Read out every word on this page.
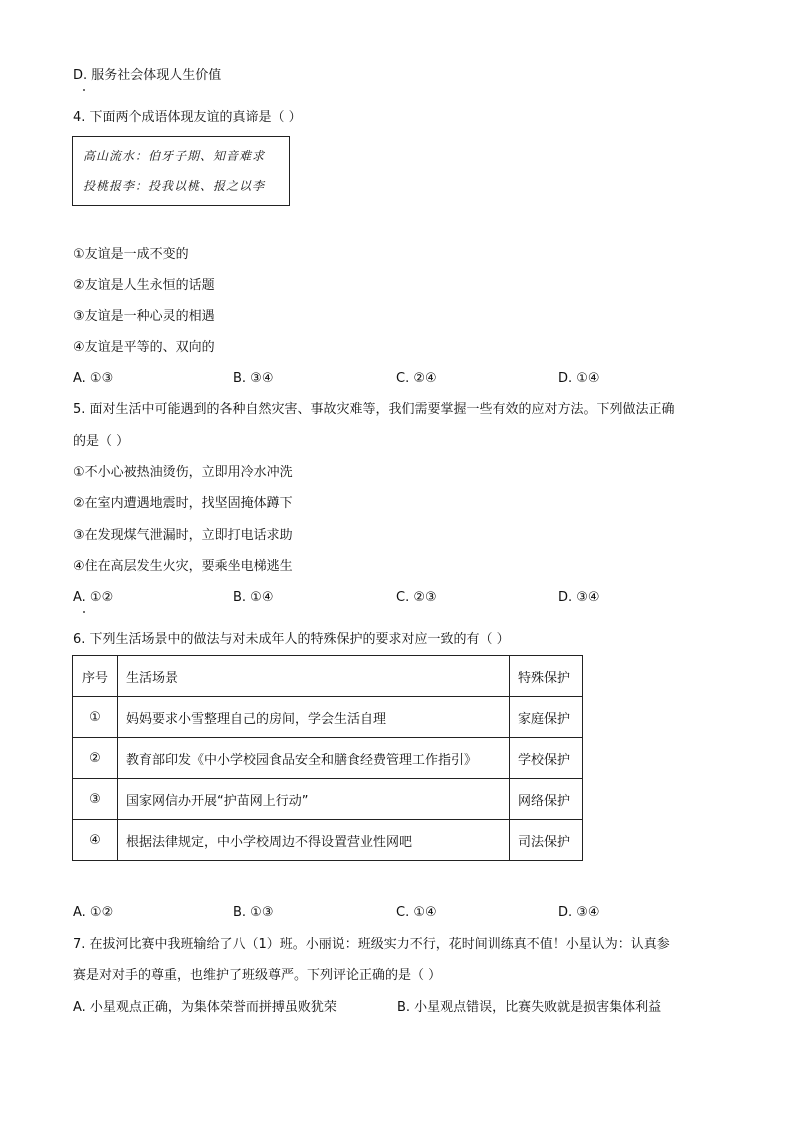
D. 服务社会体现人生价值
4. 下面两个成语体现友谊的真谛是（ ）
高山流水：伯牙子期、知音难求
投桃报李：投我以桃、报之以李
①友谊是一成不变的
②友谊是人生永恒的话题
③友谊是一种心灵的相遇
④友谊是平等的、双向的
A. ①③	B. ③④	C. ②④	D. ①④
5. 面对生活中可能遇到的各种自然灾害、事故灾难等，我们需要掌握一些有效的应对方法。下列做法正确
的是（ ）
①不小心被热油烫伤，立即用冷水冲洗
②在室内遭遇地震时，找坚固掩体蹲下
③在发现煤气泄漏时，立即打电话求助
④住在高层发生火灾，要乘坐电梯逃生
A. ①②	B. ①④	C. ②③	D. ③④
6. 下列生活场景中的做法与对未成年人的特殊保护的要求对应一致的有（ ）
序号	生活场景	特殊保护
①	妈妈要求小雪整理自己的房间，学会生活自理	家庭保护
②	教育部印发《中小学校园食品安全和膳食经费管理工作指引》	学校保护
③	国家网信办开展“护苗网上行动”	网络保护
④	根据法律规定，中小学校周边不得设置营业性网吧	司法保护
A. ①②	B. ①③	C. ①④	D. ③④
7. 在拔河比赛中我班输给了八（1）班。小丽说：班级实力不行，花时间训练真不值！小星认为：认真参
赛是对对手的尊重，也维护了班级尊严。下列评论正确的是（ ）
A. 小星观点正确，为集体荣誉而拼搏虽败犹荣	B. 小星观点错误，比赛失败就是损害集体利益
